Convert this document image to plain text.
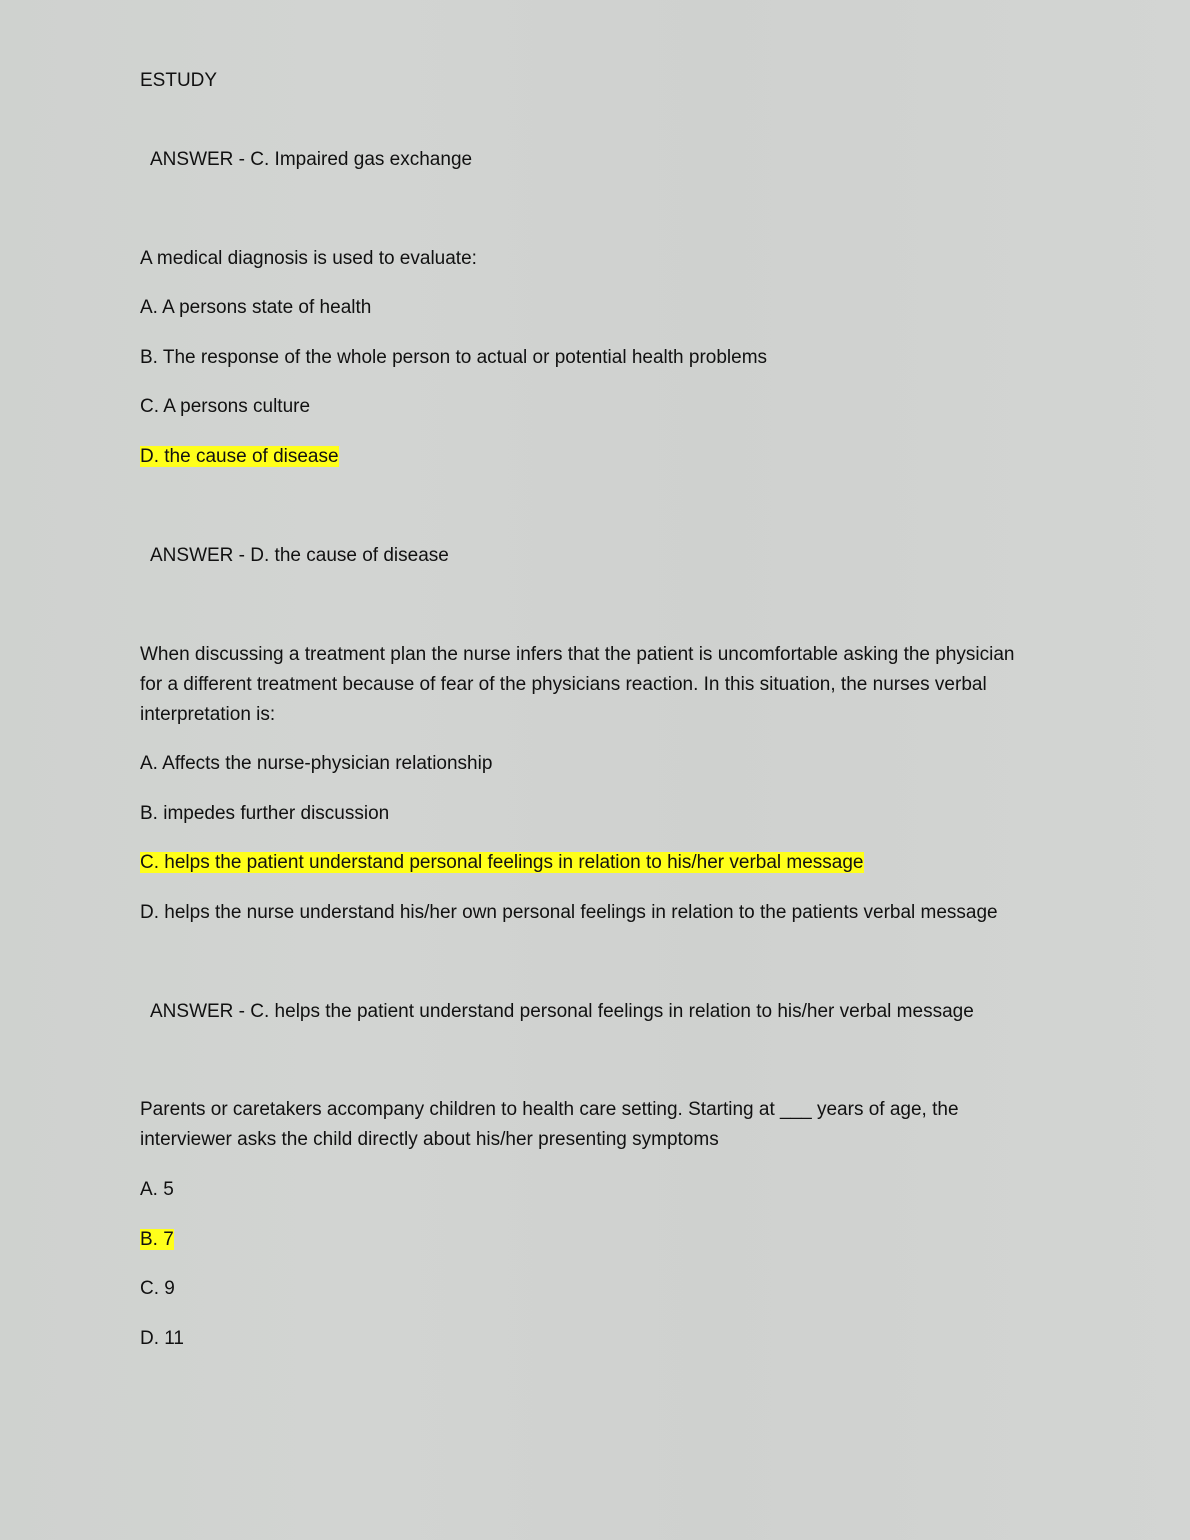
ESTUDY
ANSWER - C. Impaired gas exchange
A medical diagnosis is used to evaluate:
A. A persons state of health
B. The response of the whole person to actual or potential health problems
C. A persons culture
D. the cause of disease
ANSWER - D. the cause of disease
When discussing a treatment plan the nurse infers that the patient is uncomfortable asking the physician for a different treatment because of fear of the physicians reaction. In this situation, the nurses verbal interpretation is:
A. Affects the nurse-physician relationship
B. impedes further discussion
C. helps the patient understand personal feelings in relation to his/her verbal message
D. helps the nurse understand his/her own personal feelings in relation to the patients verbal message
ANSWER - C. helps the patient understand personal feelings in relation to his/her verbal message
Parents or caretakers accompany children to health care setting. Starting at ___ years of age, the interviewer asks the child directly about his/her presenting symptoms
A. 5
B. 7
C. 9
D. 11
